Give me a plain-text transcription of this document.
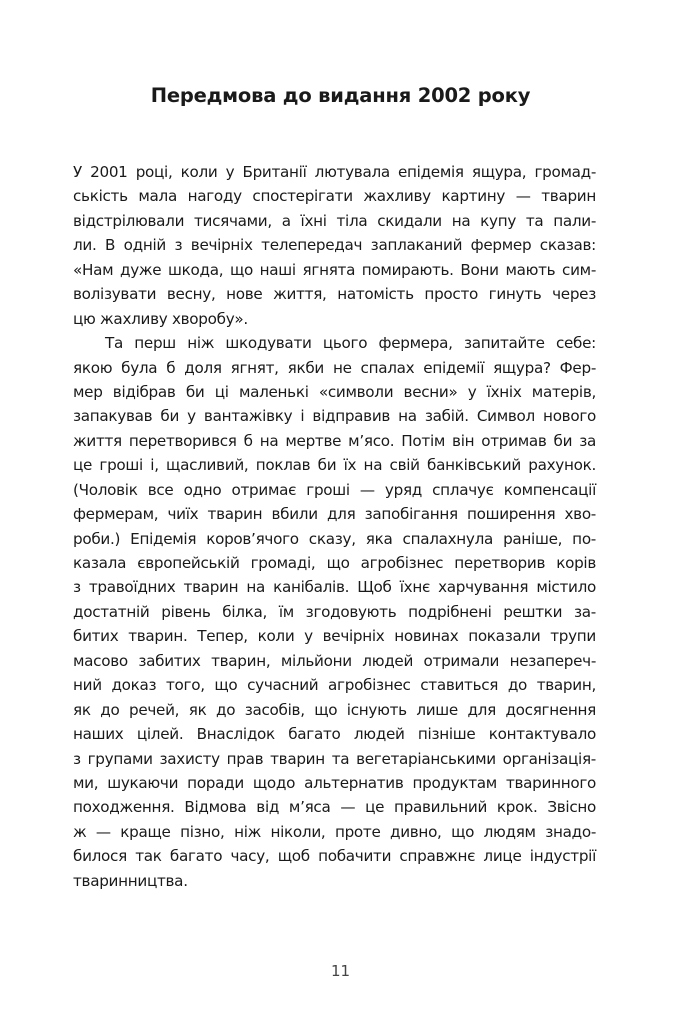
Передмова до видання 2002 року

У 2001 році, коли у Британії лютувала епідемія ящура, громад-
ськість мала нагоду спостерігати жахливу картину — тварин
відстрілювали тисячами, а їхні тіла скидали на купу та пали-
ли. В одній з вечірніх телепередач заплаканий фермер сказав:
«Нам дуже шкода, що наші ягнята помирають. Вони мають сим-
волізувати весну, нове життя, натомість просто гинуть через
цю жахливу хворобу».

Та перш ніж шкодувати цього фермера, запитайте себе:
якою була б доля ягнят, якби не спалах епідемії ящура? Фер-
мер відібрав би ці маленькі «символи весни» у їхніх матерів,
запакував би у вантажівку і відправив на забій. Символ нового
життя перетворився б на мертве м’ясо. Потім він отримав би за
це гроші і, щасливий, поклав би їх на свій банківський рахунок.
(Чоловік все одно отримає гроші — уряд сплачує компенсації
фермерам, чиїх тварин вбили для запобігання поширення хво-
роби.) Епідемія коров’ячого сказу, яка спалахнула раніше, по-
казала європейській громаді, що агробізнес перетворив корів
з травоїдних тварин на канібалів. Щоб їхнє харчування містило
достатній рівень білка, їм згодовують подрібнені рештки за-
битих тварин. Тепер, коли у вечірніх новинах показали трупи
масово забитих тварин, мільйони людей отримали незапереч-
ний доказ того, що сучасний агробізнес ставиться до тварин,
як до речей, як до засобів, що існують лише для досягнення
наших цілей. Внаслідок багато людей пізніше контактувало
з групами захисту прав тварин та вегетаріанськими організація-
ми, шукаючи поради щодо альтернатив продуктам тваринного
походження. Відмова від м’яса — це правильний крок. Звісно
ж — краще пізно, ніж ніколи, проте дивно, що людям знадо-
билося так багато часу, щоб побачити справжнє лице індустрії
тваринництва.

11
